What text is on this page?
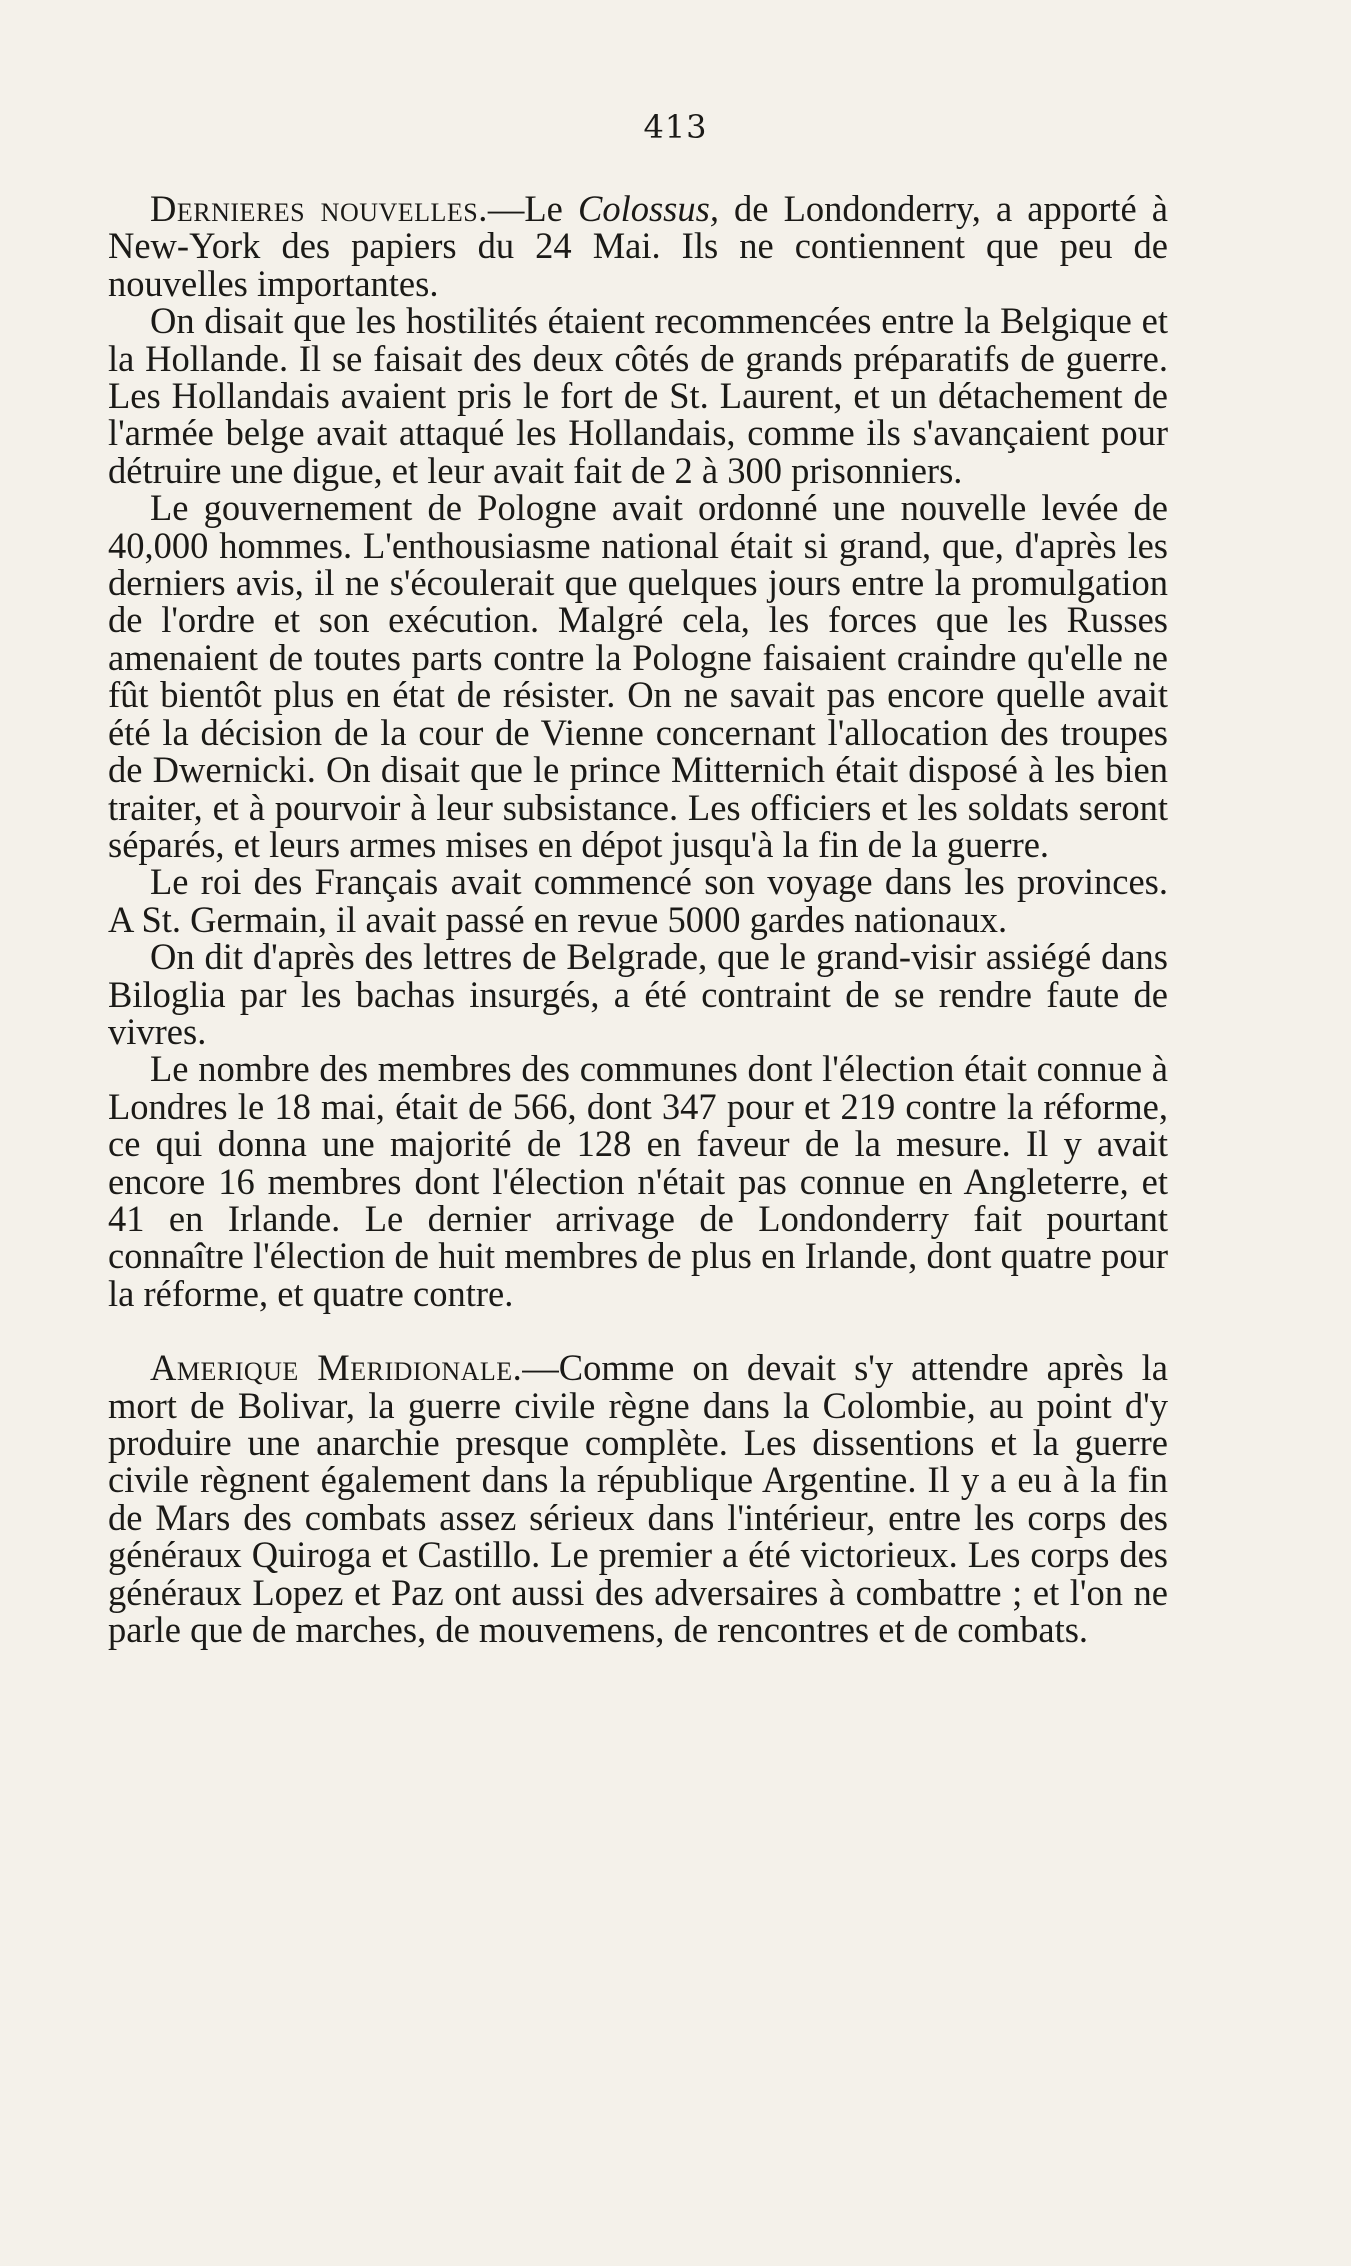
413

Dernieres nouvelles.—Le Colossus, de Londonderry, a apporté à New-York des papiers du 24 Mai. Ils ne contiennent que peu de nouvelles importantes.

On disait que les hostilités étaient recommencées entre la Belgique et la Hollande. Il se faisait des deux côtés de grands préparatifs de guerre. Les Hollandais avaient pris le fort de St. Laurent, et un détachement de l'armée belge avait attaqué les Hollandais, comme ils s'avançaient pour détruire une digue, et leur avait fait de 2 à 300 prisonniers.

Le gouvernement de Pologne avait ordonné une nouvelle levée de 40,000 hommes. L'enthousiasme national était si grand, que, d'après les derniers avis, il ne s'écoulerait que quelques jours entre la promulgation de l'ordre et son exécution. Malgré cela, les forces que les Russes amenaient de toutes parts contre la Pologne faisaient craindre qu'elle ne fût bientôt plus en état de résister. On ne savait pas encore quelle avait été la décision de la cour de Vienne concernant l'allocation des troupes de Dwernicki. On disait que le prince Mitternich était disposé à les bien traiter, et à pourvoir à leur subsistance. Les officiers et les soldats seront séparés, et leurs armes mises en dépot jusqu'à la fin de la guerre.

Le roi des Français avait commencé son voyage dans les provinces. A St. Germain, il avait passé en revue 5000 gardes nationaux.

On dit d'après des lettres de Belgrade, que le grand-visir assiégé dans Biloglia par les bachas insurgés, a été contraint de se rendre faute de vivres.

Le nombre des membres des communes dont l'élection était connue à Londres le 18 mai, était de 566, dont 347 pour et 219 contre la réforme, ce qui donna une majorité de 128 en faveur de la mesure. Il y avait encore 16 membres dont l'élection n'était pas connue en Angleterre, et 41 en Irlande. Le dernier arrivage de Londonderry fait pourtant connaître l'élection de huit membres de plus en Irlande, dont quatre pour la réforme, et quatre contre.

Amerique Meridionale.—Comme on devait s'y attendre après la mort de Bolivar, la guerre civile règne dans la Colombie, au point d'y produire une anarchie presque complète. Les dissentions et la guerre civile règnent également dans la république Argentine. Il y a eu à la fin de Mars des combats assez sérieux dans l'intérieur, entre les corps des généraux Quiroga et Castillo. Le premier a été victorieux. Les corps des généraux Lopez et Paz ont aussi des adversaires à combattre ; et l'on ne parle que de marches, de mouvemens, de rencontres et de combats.
